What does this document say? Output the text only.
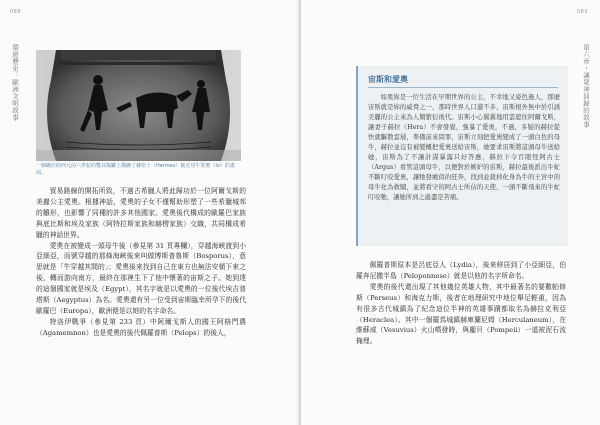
088
環遊歷史：歐洲文明故事
一個繪於約西元前六世紀的雙耳陶罐上描繪了赫密士（Hermes）偷走母牛愛奧（Io）的畫面。

貿易路線的開拓所致，不過古希臘人將此歸功於一位阿爾戈斯的美麗公主愛奧。根據神話，愛奧的子女不僅幫助形塑了一些希臘城邦的雛形，也影響了同種的許多其他國家。愛奧後代構成的歐羅巴家族與底比斯和埃及家族（阿特拉斯家族和赫楞家族）交織，共同構成希臘的神話世界。

愛奧在被變成一頭母牛後（參見第 31 頁專欄），穿越海峽渡到小亞細亞，而號穿越的那條海峽後來叫做博斯普魯斯（Bosporus），意思就是「牛穿越其間的」；愛奧後來找到自己在東方也無法安頓下來之後，轉而游向南方，最終在那裡生下了他中懷著的宙斯之子。她到達的這個國家就是埃及（Egypt），其名字就是以愛奧的一位後代埃吉普塔斯（Aegyptus）為名。愛奧還有另一位受到宙斯臨幸所孕下的後代歐羅巴（Europa），歐洲便是以她的名字命名。

特洛伊戰爭（參見第 233 頁）中阿爾戈斯人的國王阿格門農（Agamemnon）也是愛奧的後代佩羅普斯（Pelops）的後人，

089
第六章・讓眾神回歸的故事
宙斯和愛奧

如果妳是一位生活在早期世界的公主，不幸地又姿色過人，那麼宙斯就是妳的威脅之一，那時世界人口還不多，宙斯根外無中於引誘美麗的公主來為人類繁衍後代。宙斯小心翼翼地用雲遮住阿爾戈斯，讓妻子赫拉（Hera）不會發覺，強暴了愛奧，不過，多疑的赫拉從快就驅散雲層，準備前來問罪，宙斯立刻把愛奧變成了一頭白色的母牛，赫拉並沒有被變概把愛奧送給宙斯，她要求宙斯將這頭母牛送給她，宙斯為了不讓計謀暴露只好答應，赫拉下令百眼怪阿古士（Argus）看管這頭母牛，以便對於嫉妒的宙斯，赫拉最後派出牛虻不斷叮咬愛奧，讓牠發瘋似的狂奔，找到並殺掉化身為牛的王宮中的母牛化為救贖，並將看守的阿古士所佔的天使，一頭不斷飛來的牛虻叮咬牠，讓她所到之處盡是苦痛。

佩羅普斯原本是呂底亞人（Lydia），後來移居到了小亞細亞，伯羅奔尼撒半島（Peloponnese）就是以他的名字所命名。

愛奧的後代還出現了其他幾位英雄人物，其中最著名的要數帕修斯（Perseus）和海克力斯，後者在地理研究中地位舉足輕重，因為有很多古代城鎮為了紀念這位半神的英雄事蹟都取名為赫拉克利亞（Heraclea）。其中一個羅馬城鎮赫庫蘭尼姆（Herculaneum），在維蘇威（Vesuvius）火山噴發時，與龐貝（Pompeii）一道被泥石流掩埋。
